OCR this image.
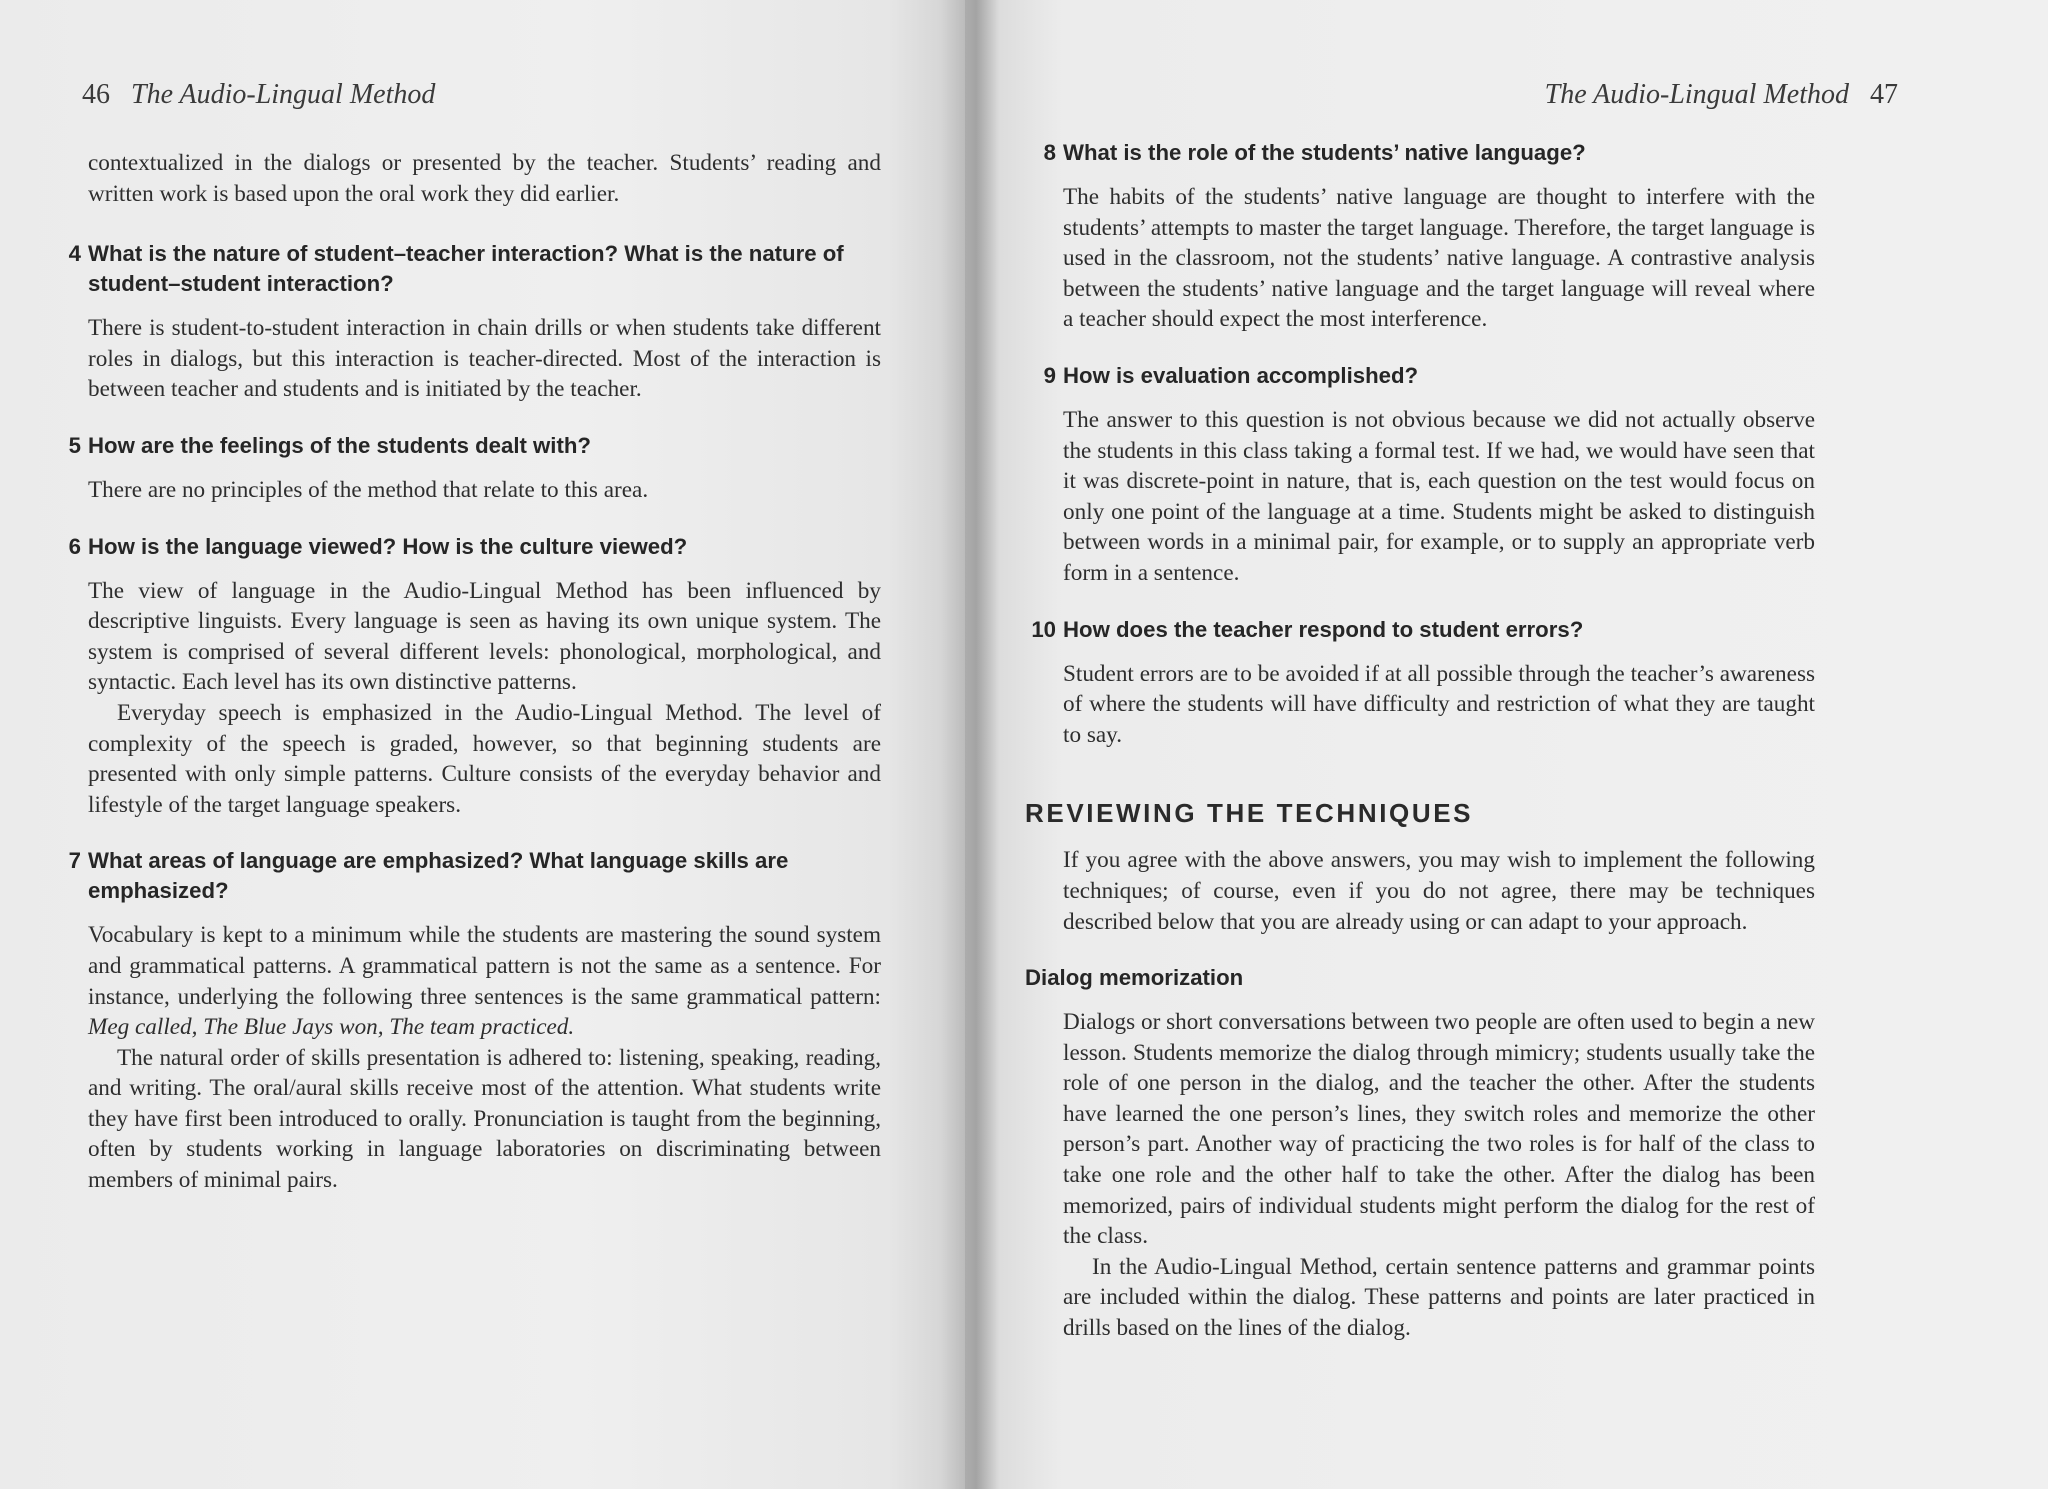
46 The Audio-Lingual Method

contextualized in the dialogs or presented by the teacher. Students’ reading and written work is based upon the oral work they did earlier.

4 What is the nature of student–teacher interaction? What is the nature of student–student interaction?

There is student-to-student interaction in chain drills or when students take different roles in dialogs, but this interaction is teacher-directed. Most of the interaction is between teacher and students and is initiated by the teacher.

5 How are the feelings of the students dealt with?

There are no principles of the method that relate to this area.

6 How is the language viewed? How is the culture viewed?

The view of language in the Audio-Lingual Method has been influenced by descriptive linguists. Every language is seen as having its own unique system. The system is comprised of several different levels: phonological, morphological, and syntactic. Each level has its own distinctive patterns.

Everyday speech is emphasized in the Audio-Lingual Method. The level of complexity of the speech is graded, however, so that beginning students are presented with only simple patterns. Culture consists of the everyday behavior and lifestyle of the target language speakers.

7 What areas of language are emphasized? What language skills are emphasized?

Vocabulary is kept to a minimum while the students are mastering the sound system and grammatical patterns. A grammatical pattern is not the same as a sentence. For instance, underlying the following three sentences is the same grammatical pattern: Meg called, The Blue Jays won, The team practiced.

The natural order of skills presentation is adhered to: listening, speaking, reading, and writing. The oral/aural skills receive most of the attention. What students write they have first been introduced to orally. Pronunciation is taught from the beginning, often by students working in language laboratories on discriminating between members of minimal pairs.

The Audio-Lingual Method 47
8 What is the role of the students’ native language?

The habits of the students’ native language are thought to interfere with the students’ attempts to master the target language. Therefore, the target language is used in the classroom, not the students’ native language. A contrastive analysis between the students’ native language and the target language will reveal where a teacher should expect the most interference.

9 How is evaluation accomplished?

The answer to this question is not obvious because we did not actually observe the students in this class taking a formal test. If we had, we would have seen that it was discrete-point in nature, that is, each question on the test would focus on only one point of the language at a time. Students might be asked to distinguish between words in a minimal pair, for example, or to supply an appropriate verb form in a sentence.

10 How does the teacher respond to student errors?

Student errors are to be avoided if at all possible through the teacher’s awareness of where the students will have difficulty and restriction of what they are taught to say.

REVIEWING THE TECHNIQUES

If you agree with the above answers, you may wish to implement the following techniques; of course, even if you do not agree, there may be techniques described below that you are already using or can adapt to your approach.

Dialog memorization

Dialogs or short conversations between two people are often used to begin a new lesson. Students memorize the dialog through mimicry; students usually take the role of one person in the dialog, and the teacher the other. After the students have learned the one person’s lines, they switch roles and memorize the other person’s part. Another way of practicing the two roles is for half of the class to take one role and the other half to take the other. After the dialog has been memorized, pairs of individual students might perform the dialog for the rest of the class.

In the Audio-Lingual Method, certain sentence patterns and grammar points are included within the dialog. These patterns and points are later practiced in drills based on the lines of the dialog.
